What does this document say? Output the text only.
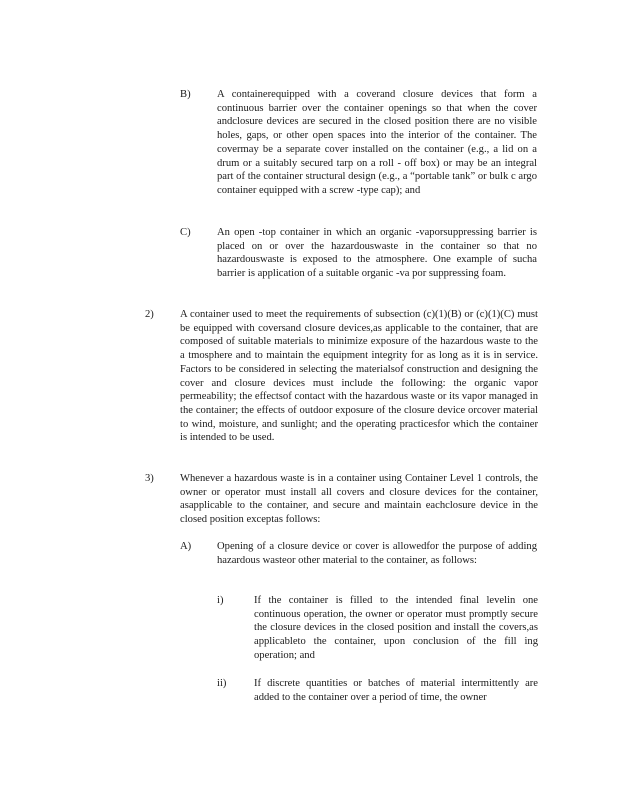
B) A containerequipped with a coverand closure devices that form a continuous barrier over the container openings so that when the cover andclosure devices are secured in the closed position there are no visible holes, gaps, or other open spaces into the interior of the container. The covermay be a separate cover installed on the container (e.g., a lid on a drum or a suitably secured tarp on a roll - off box) or may be an integral part of the container structural design (e.g., a “portable tank” or bulk c argo container equipped with a screw -type cap); and
C) An open -top container in which an organic -vaporsuppressing barrier is placed on or over the hazardouswaste in the container so that no hazardouswaste is exposed to the atmosphere. One example of sucha barrier is application of a suitable organic -va por suppressing foam.
2) A container used to meet the requirements of subsection (c)(1)(B) or (c)(1)(C) must be equipped with coversand closure devices,as applicable to the container, that are composed of suitable materials to minimize exposure of the hazardous waste to the a tmosphere and to maintain the equipment integrity for as long as it is in service. Factors to be considered in selecting the materialsof construction and designing the cover and closure devices must include the following: the organic vapor permeability; the effectsof contact with the hazardous waste or its vapor managed in the container; the effects of outdoor exposure of the closure device orcover material to wind, moisture, and sunlight; and the operating practicesfor which the container is intended to be used.
3) Whenever a hazardous waste is in a container using Container Level 1 controls, the owner or operator must install all covers and closure devices for the container, asapplicable to the container, and secure and maintain eachclosure device in the closed position exceptas follows:
A) Opening of a closure device or cover is allowedfor the purpose of adding hazardous wasteor other material to the container, as follows:
i)	If the container is filled to the intended final levelin one continuous operation, the owner or operator must promptly secure the closure devices in the closed position and install the covers,as applicableto the container, upon conclusion of the fill ing operation; and
ii)	If discrete quantities or batches of material intermittently are added to the container over a period of time, the owner
